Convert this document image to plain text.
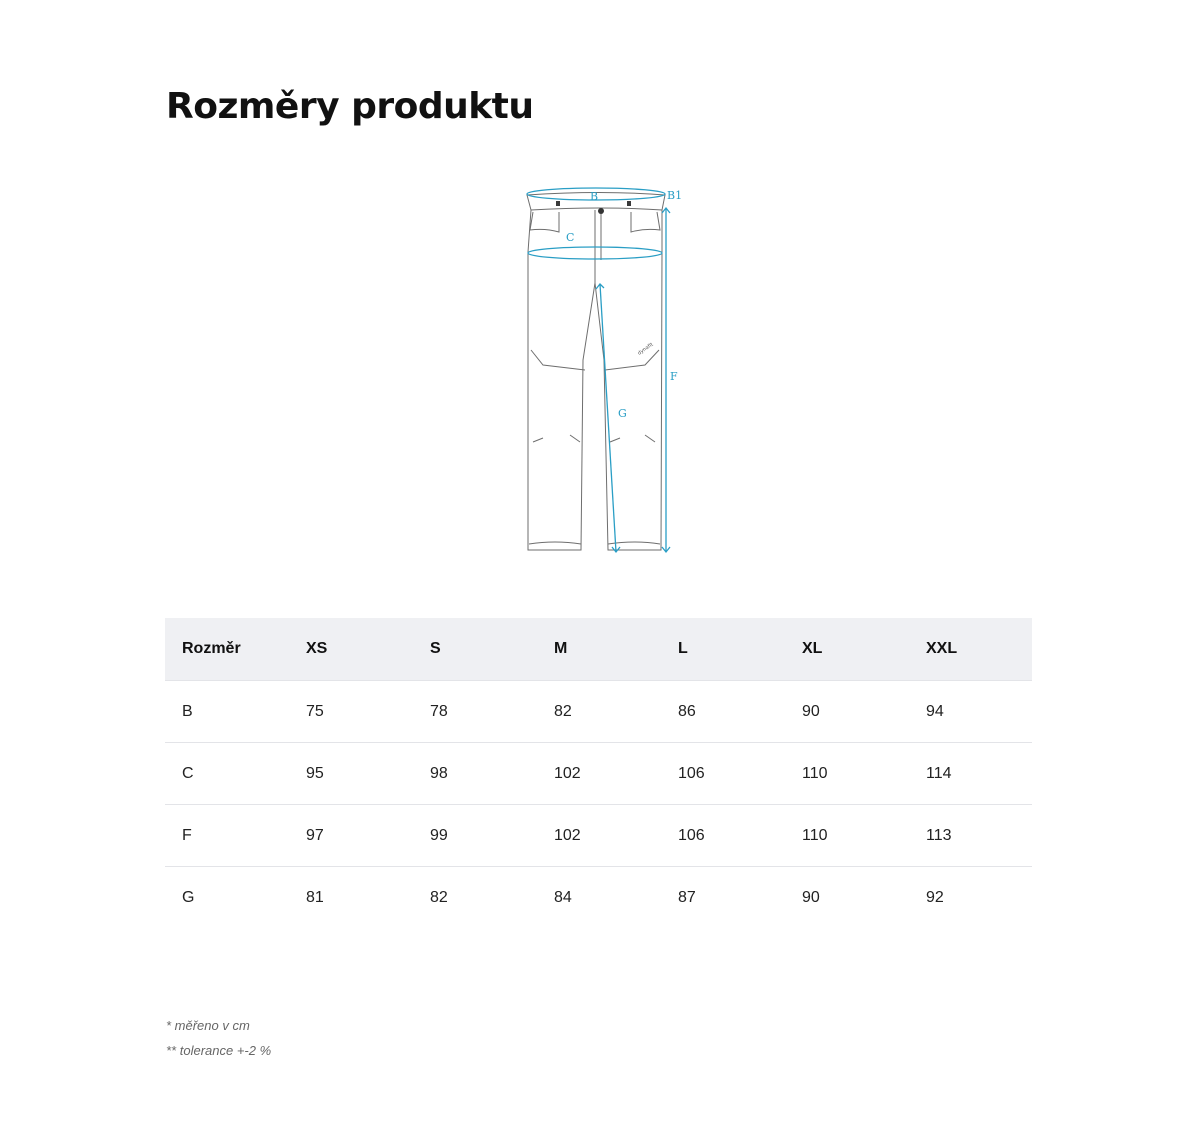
Rozměry produktu
dynafit
B	B1
C
F
G
Rozměr	XS	S	M	L	XL	XXL
B	75	78	82	86	90	94
C	95	98	102	106	110	114
F	97	99	102	106	110	113
G	81	82	84	87	90	92
* měřeno v cm
** tolerance +-2 %
